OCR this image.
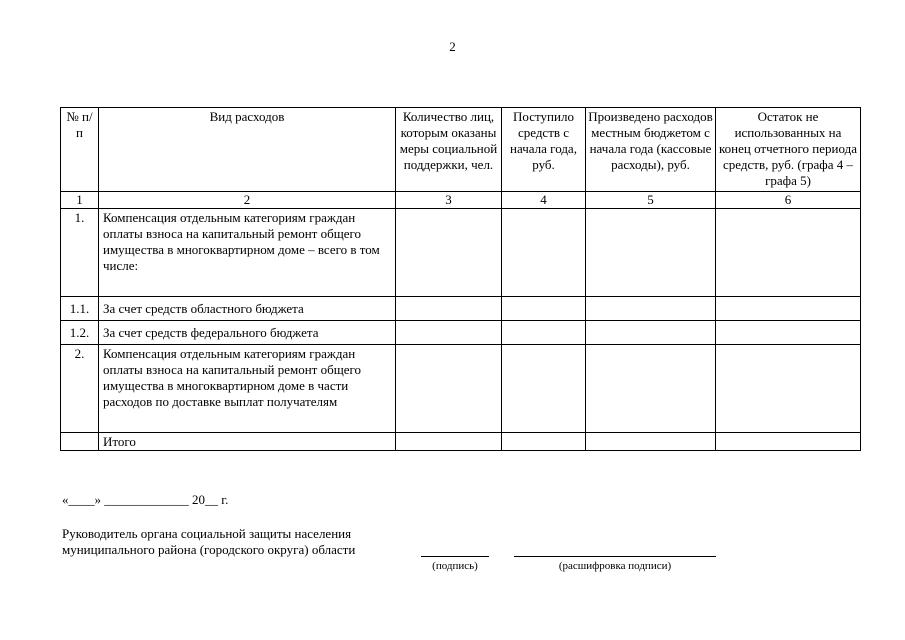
2
№ п/п	Вид расходов	Количество лиц, которым оказаны меры социальной поддержки, чел.	Поступило средств с начала года, руб.	Произведено расходов местным бюджетом с начала года (кассовые расходы), руб.	Остаток не использованных на конец отчетного периода средств, руб. (графа 4 – графа 5)
1	2	3	4	5	6
1.	Компенсация отдельным категориям граждан оплаты взноса на капитальный ремонт общего имущества в многоквартирном доме – всего в том числе:				
1.1.	За счет средств областного бюджета				
1.2.	За счет средств федерального бюджета				
2.	Компенсация отдельным категориям граждан оплаты взноса на капитальный ремонт общего имущества в многоквартирном доме в части расходов по доставке выплат получателям				
	Итого				
«____» _____________ 20__ г.
Руководитель органа социальной защиты населения
муниципального района (городского округа) области
(подпись)	(расшифровка подписи)
